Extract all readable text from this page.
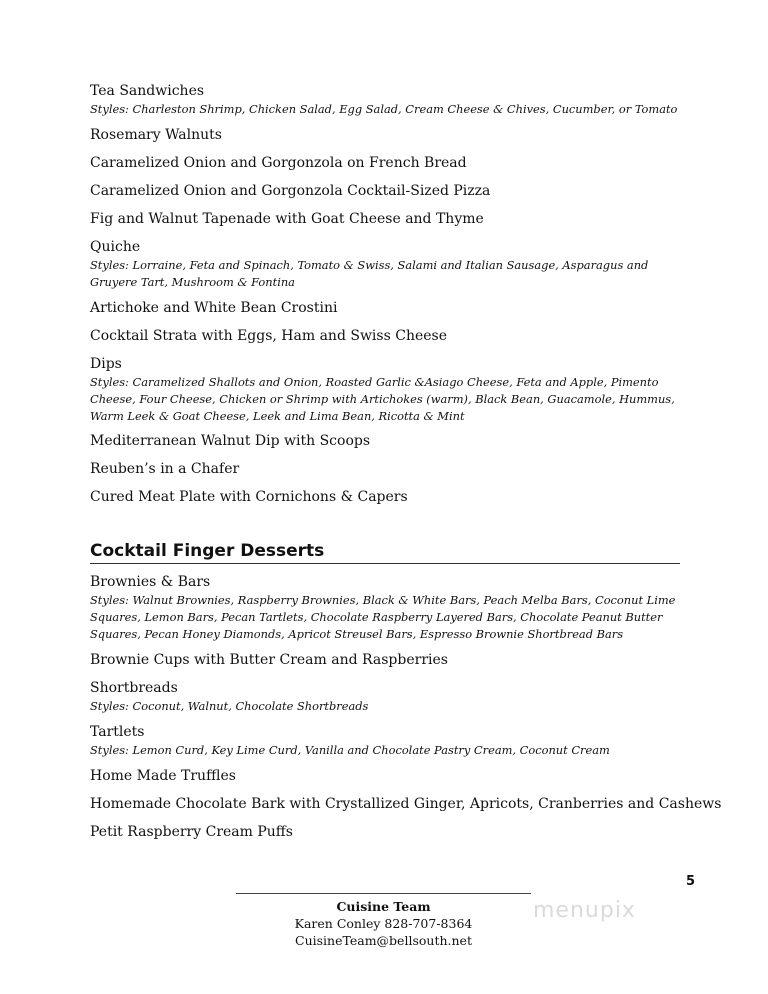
Tea Sandwiches
Styles: Charleston Shrimp, Chicken Salad, Egg Salad, Cream Cheese & Chives, Cucumber, or Tomato
Rosemary Walnuts
Caramelized Onion and Gorgonzola on French Bread
Caramelized Onion and Gorgonzola Cocktail-Sized Pizza
Fig and Walnut Tapenade with Goat Cheese and Thyme
Quiche
Styles: Lorraine, Feta and Spinach, Tomato & Swiss, Salami and Italian Sausage, Asparagus and Gruyere Tart, Mushroom & Fontina
Artichoke and White Bean Crostini
Cocktail Strata with Eggs, Ham and Swiss Cheese
Dips
Styles: Caramelized Shallots and Onion, Roasted Garlic &Asiago Cheese, Feta and Apple, Pimento Cheese, Four Cheese, Chicken or Shrimp with Artichokes (warm), Black Bean, Guacamole, Hummus, Warm Leek & Goat Cheese, Leek and Lima Bean, Ricotta & Mint
Mediterranean Walnut Dip with Scoops
Reuben’s in a Chafer
Cured Meat Plate with Cornichons & Capers
Cocktail Finger Desserts
Brownies & Bars
Styles: Walnut Brownies, Raspberry Brownies, Black & White Bars, Peach Melba Bars, Coconut Lime Squares, Lemon Bars, Pecan Tartlets, Chocolate Raspberry Layered Bars, Chocolate Peanut Butter Squares, Pecan Honey Diamonds, Apricot Streusel Bars, Espresso Brownie Shortbread Bars
Brownie Cups with Butter Cream and Raspberries
Shortbreads
Styles: Coconut, Walnut, Chocolate Shortbreads
Tartlets
Styles: Lemon Curd, Key Lime Curd, Vanilla and Chocolate Pastry Cream, Coconut Cream
Home Made Truffles
Homemade Chocolate Bark with Crystallized Ginger, Apricots, Cranberries and Cashews
Petit Raspberry Cream Puffs
5
Cuisine Team
Karen Conley 828-707-8364
CuisineTeam@bellsouth.net
menupix
